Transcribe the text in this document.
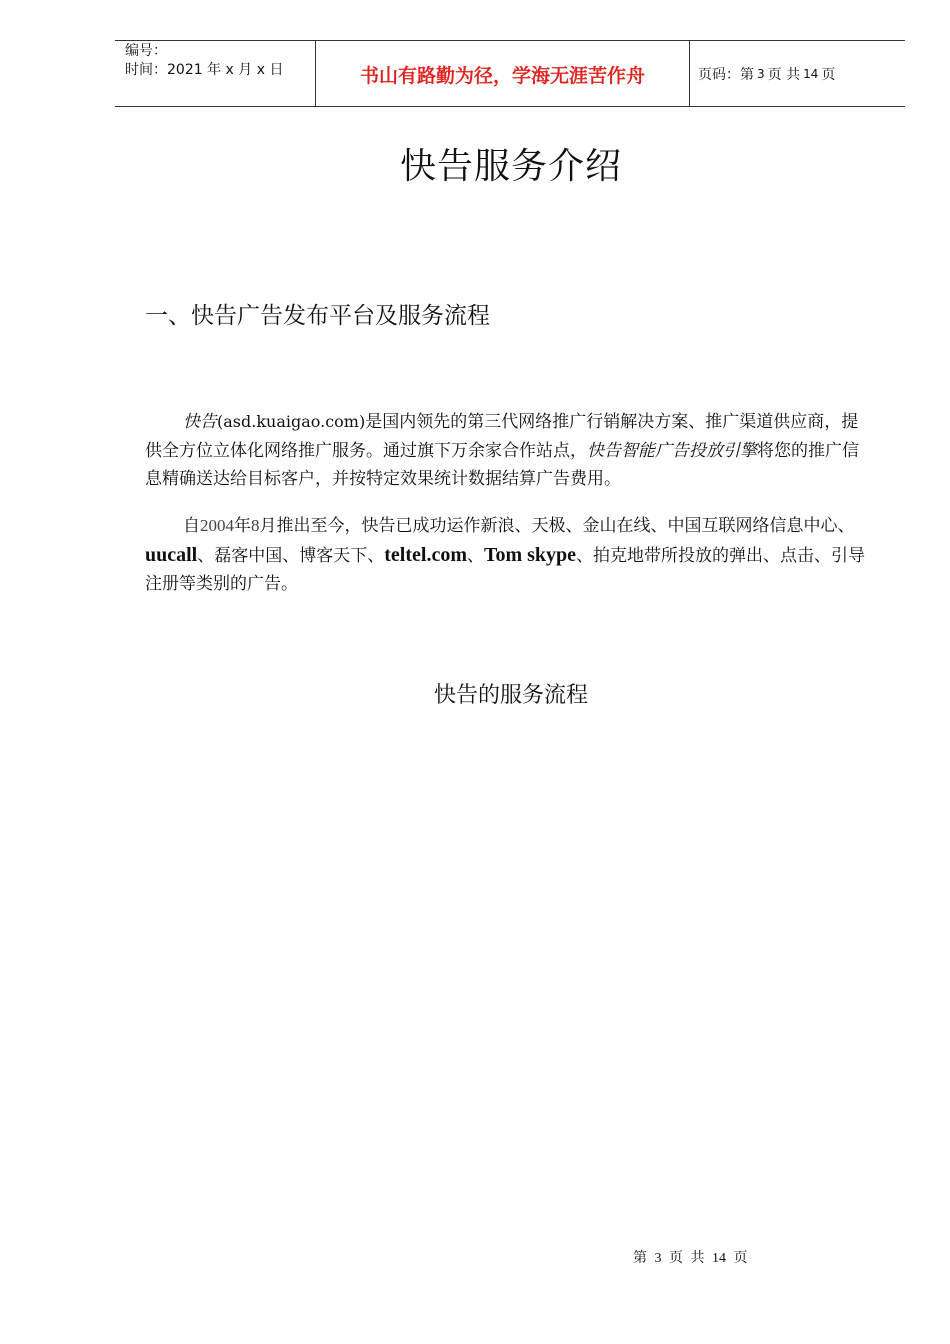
编号：
时间：2021 年 x 月 x 日	书山有路勤为径，学海无涯苦作舟	页码：第 3 页 共 14 页
快告服务介绍
一、快告广告发布平台及服务流程

快告(asd.kuaigao.com)是国内领先的第三代网络推广行销解决方案、推广渠道供应商，提供全方位立体化网络推广服务。通过旗下万余家合作站点，快告智能广告投放引擎将您的推广信息精确送达给目标客户，并按特定效果统计数据结算广告费用。

自2004年8月推出至今，快告已成功运作新浪、天极、金山在线、中国互联网络信息中心、uucall、磊客中国、博客天下、teltel.com、Tom skype、拍克地带所投放的弹出、点击、引导注册等类别的广告。

快告的服务流程
第 3 页 共 14 页
